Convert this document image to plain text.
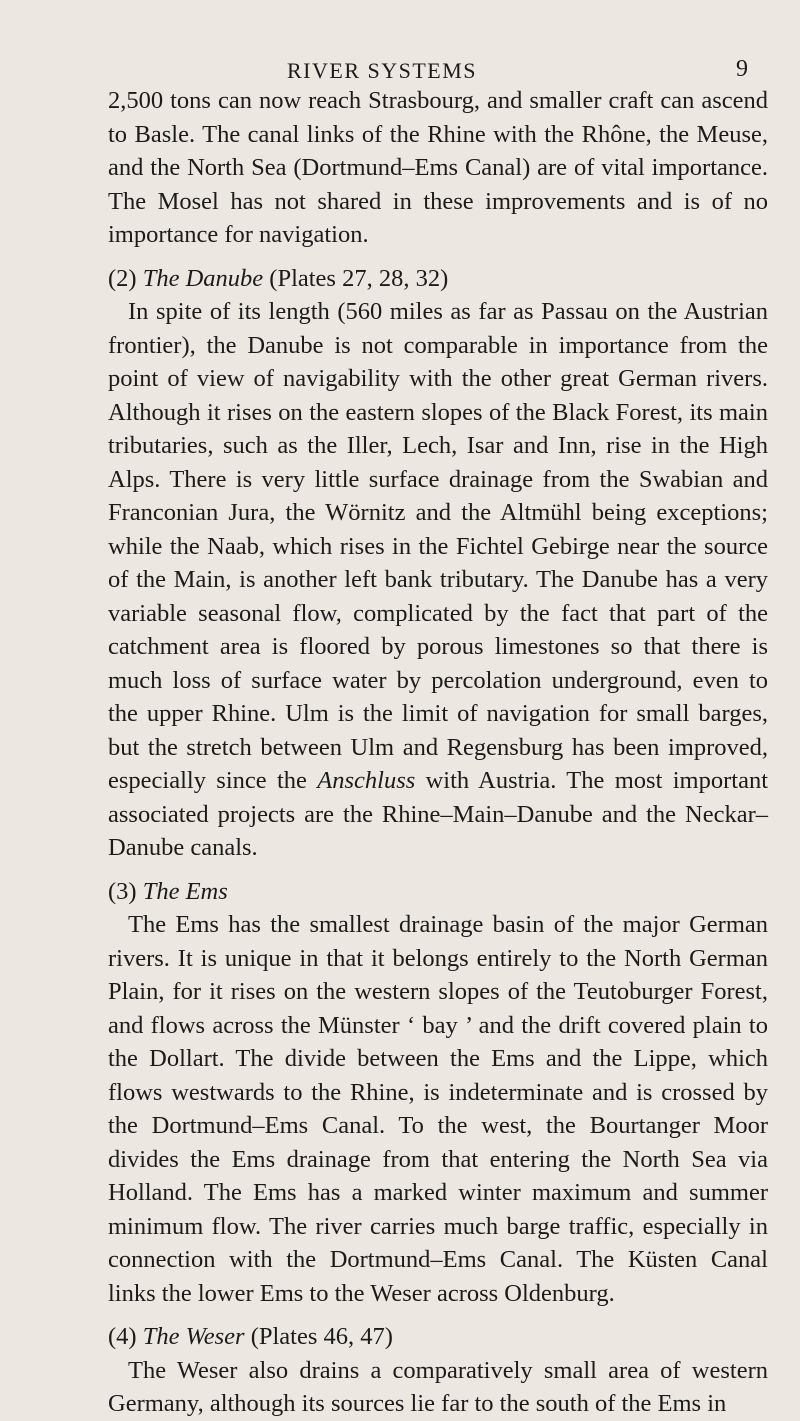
RIVER SYSTEMS	9

2,500 tons can now reach Strasbourg, and smaller craft can ascend to Basle. The canal links of the Rhine with the Rhône, the Meuse, and the North Sea (Dortmund–Ems Canal) are of vital importance. The Mosel has not shared in these improvements and is of no importance for navigation.

(2) The Danube (Plates 27, 28, 32)

In spite of its length (560 miles as far as Passau on the Austrian frontier), the Danube is not comparable in importance from the point of view of navigability with the other great German rivers. Although it rises on the eastern slopes of the Black Forest, its main tributaries, such as the Iller, Lech, Isar and Inn, rise in the High Alps. There is very little surface drainage from the Swabian and Franconian Jura, the Wörnitz and the Altmühl being exceptions; while the Naab, which rises in the Fichtel Gebirge near the source of the Main, is another left bank tributary. The Danube has a very variable seasonal flow, complicated by the fact that part of the catchment area is floored by porous limestones so that there is much loss of surface water by percolation underground, even to the upper Rhine. Ulm is the limit of navigation for small barges, but the stretch between Ulm and Regensburg has been improved, especially since the Anschluss with Austria. The most important associated projects are the Rhine–Main–Danube and the Neckar–Danube canals.

(3) The Ems

The Ems has the smallest drainage basin of the major German rivers. It is unique in that it belongs entirely to the North German Plain, for it rises on the western slopes of the Teutoburger Forest, and flows across the Münster ‘ bay ’ and the drift covered plain to the Dollart. The divide between the Ems and the Lippe, which flows westwards to the Rhine, is indeterminate and is crossed by the Dortmund–Ems Canal. To the west, the Bourtanger Moor divides the Ems drainage from that entering the North Sea via Holland. The Ems has a marked winter maximum and summer minimum flow. The river carries much barge traffic, especially in connection with the Dortmund–Ems Canal. The Küsten Canal links the lower Ems to the Weser across Oldenburg.

(4) The Weser (Plates 46, 47)

The Weser also drains a comparatively small area of western Germany, although its sources lie far to the south of the Ems in
